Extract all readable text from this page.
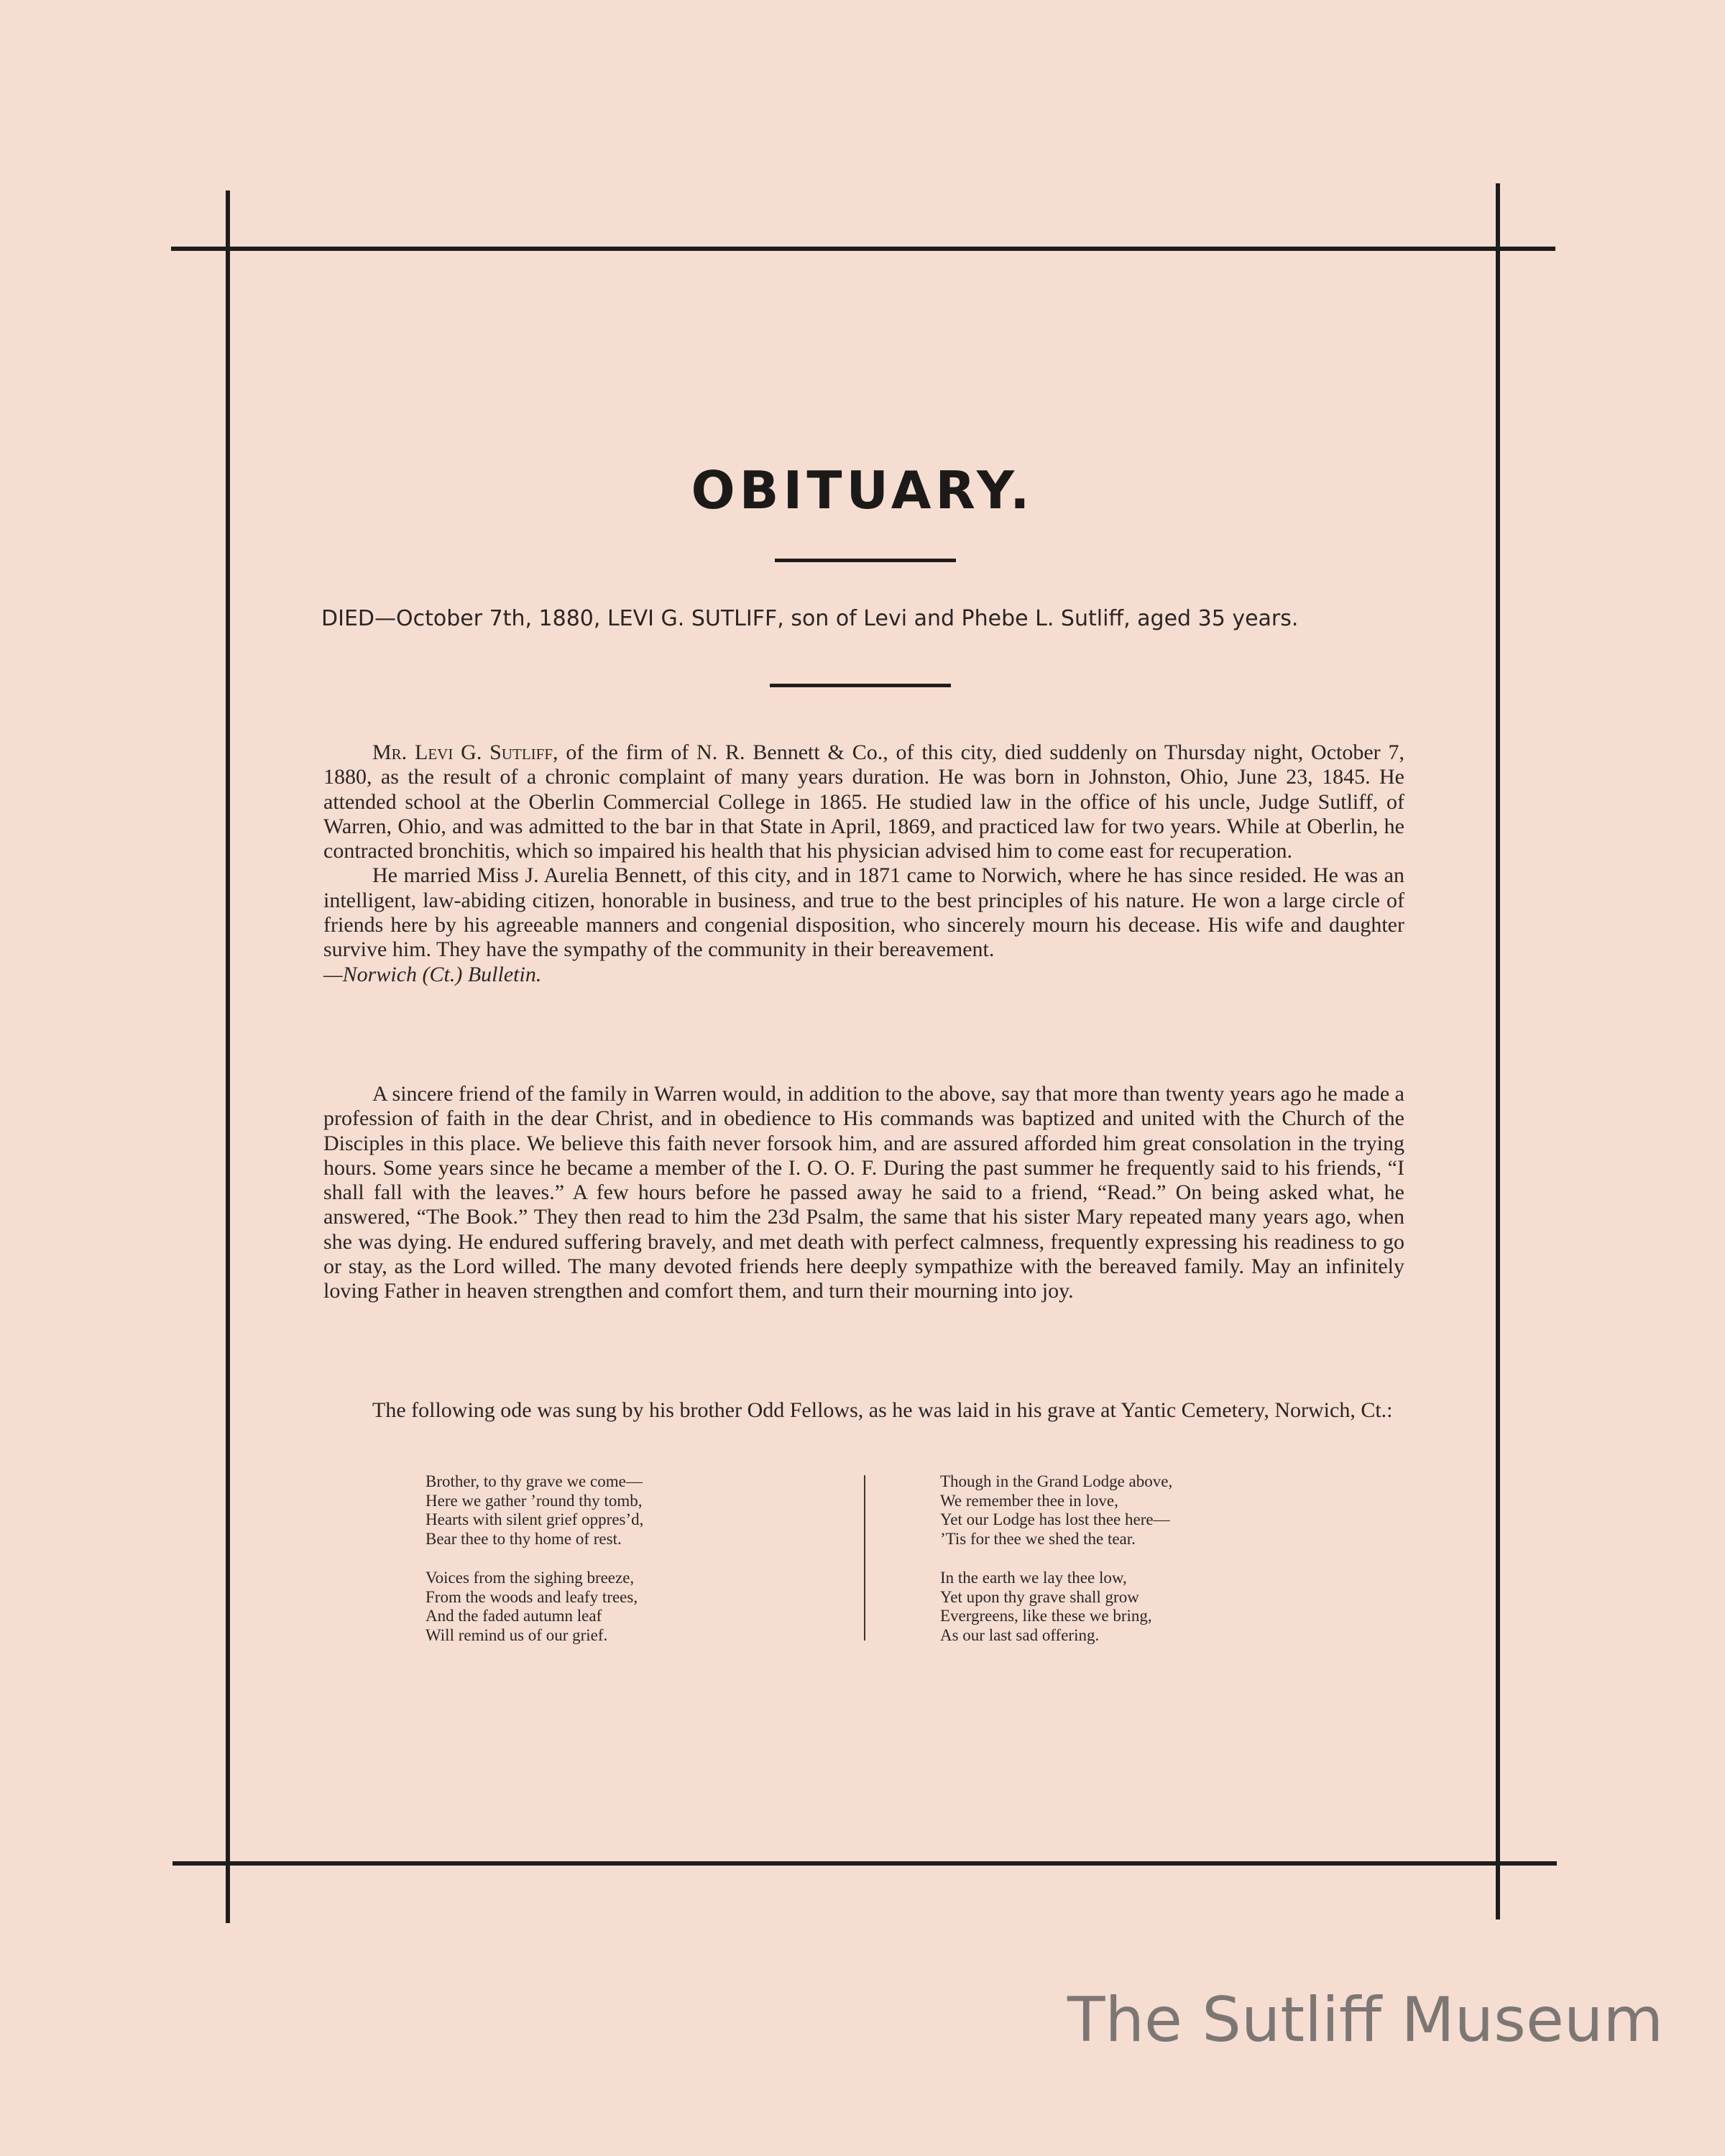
OBITUARY.
DIED—October 7th, 1880, LEVI G. SUTLIFF, son of Levi and Phebe L. Sutliff, aged 35 years.

Mr. Levi G. Sutliff, of the firm of N. R. Bennett & Co., of this city, died suddenly on Thursday night, October 7, 1880, as the result of a chronic complaint of many years duration. He was born in Johnston, Ohio, June 23, 1845. He attended school at the Oberlin Commercial College in 1865. He studied law in the office of his uncle, Judge Sutliff, of Warren, Ohio, and was admitted to the bar in that State in April, 1869, and practiced law for two years. While at Oberlin, he contracted bronchitis, which so impaired his health that his physician advised him to come east for recuperation.

He married Miss J. Aurelia Bennett, of this city, and in 1871 came to Norwich, where he has since resided. He was an intelligent, law-abiding citizen, honorable in business, and true to the best principles of his nature. He won a large circle of friends here by his agreeable manners and congenial disposition, who sincerely mourn his decease. His wife and daughter survive him. They have the sympathy of the community in their bereavement.

—Norwich (Ct.) Bulletin.

A sincere friend of the family in Warren would, in addition to the above, say that more than twenty years ago he made a profession of faith in the dear Christ, and in obedience to His commands was baptized and united with the Church of the Disciples in this place. We believe this faith never forsook him, and are assured afforded him great consolation in the trying hours. Some years since he became a member of the I. O. O. F. During the past summer he frequently said to his friends, “I shall fall with the leaves.” A few hours before he passed away he said to a friend, “Read.” On being asked what, he answered, “The Book.” They then read to him the 23d Psalm, the same that his sister Mary repeated many years ago, when she was dying. He endured suffering bravely, and met death with perfect calmness, frequently expressing his readiness to go or stay, as the Lord willed. The many devoted friends here deeply sympathize with the bereaved family. May an infinitely loving Father in heaven strengthen and comfort them, and turn their mourning into joy.

The following ode was sung by his brother Odd Fellows, as he was laid in his grave at Yantic Cemetery, Norwich, Ct.:

Brother, to thy grave we come—
Here we gather ’round thy tomb,
Hearts with silent grief oppres’d,
Bear thee to thy home of rest.

Voices from the sighing breeze,
From the woods and leafy trees,
And the faded autumn leaf
Will remind us of our grief.

Though in the Grand Lodge above,
We remember thee in love,
Yet our Lodge has lost thee here—
’Tis for thee we shed the tear.

In the earth we lay thee low,
Yet upon thy grave shall grow
Evergreens, like these we bring,
As our last sad offering.

The Sutliff Museum
